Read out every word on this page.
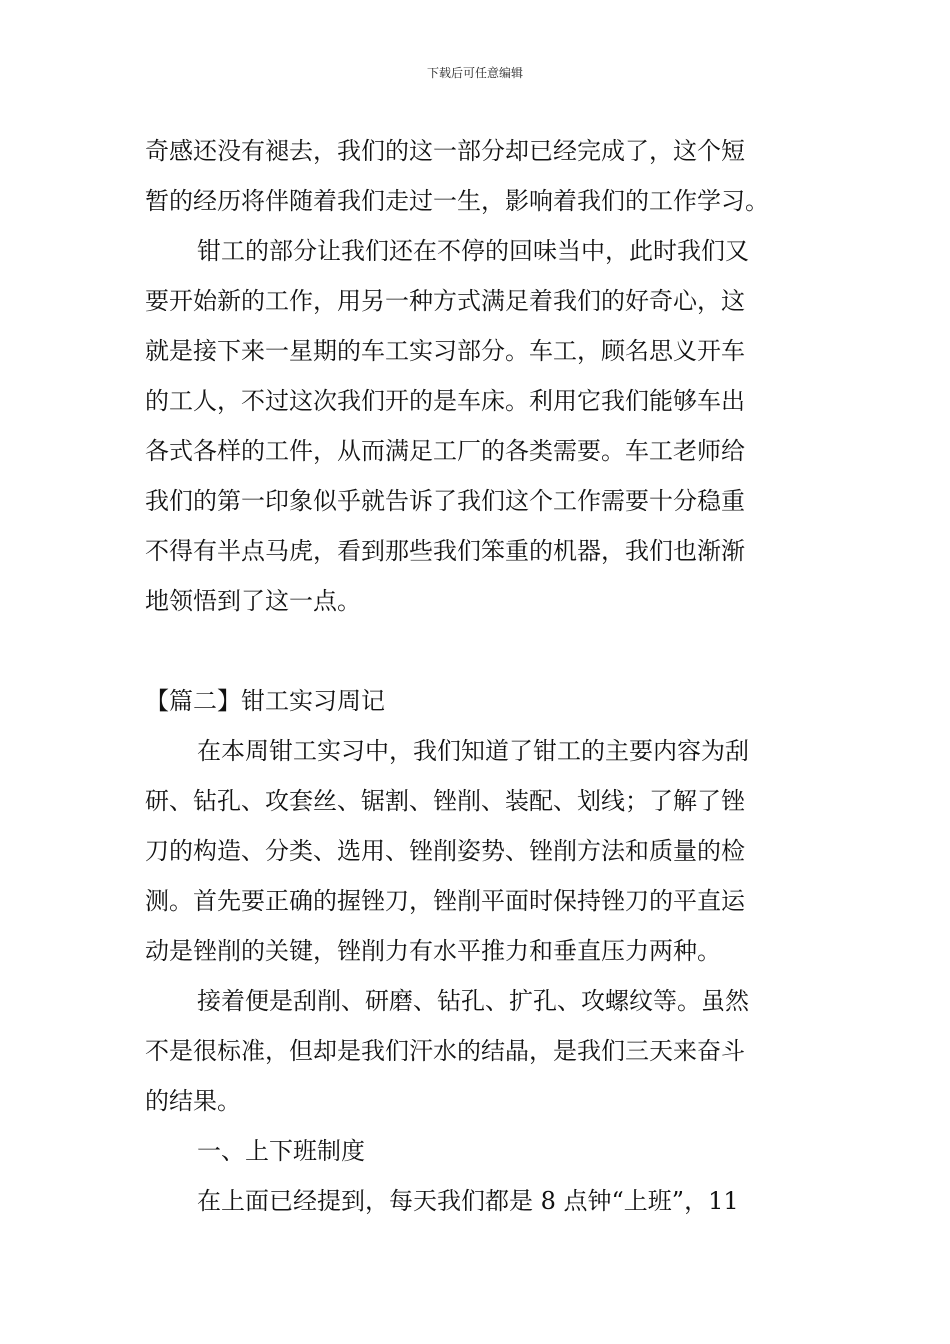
下载后可任意编辑
奇感还没有褪去，我们的这一部分却已经完成了，这个短
暂的经历将伴随着我们走过一生，影响着我们的工作学习。
钳工的部分让我们还在不停的回味当中，此时我们又
要开始新的工作，用另一种方式满足着我们的好奇心，这
就是接下来一星期的车工实习部分。车工，顾名思义开车
的工人，不过这次我们开的是车床。利用它我们能够车出
各式各样的工件，从而满足工厂的各类需要。车工老师给
我们的第一印象似乎就告诉了我们这个工作需要十分稳重
不得有半点马虎，看到那些我们笨重的机器，我们也渐渐
地领悟到了这一点。
【篇二】钳工实习周记
在本周钳工实习中，我们知道了钳工的主要内容为刮
研、钻孔、攻套丝、锯割、锉削、装配、划线；了解了锉
刀的构造、分类、选用、锉削姿势、锉削方法和质量的检
测。首先要正确的握锉刀，锉削平面时保持锉刀的平直运
动是锉削的关键，锉削力有水平推力和垂直压力两种。
接着便是刮削、研磨、钻孔、扩孔、攻螺纹等。虽然
不是很标准，但却是我们汗水的结晶，是我们三天来奋斗
的结果。
一、上下班制度
在上面已经提到，每天我们都是 8 点钟“上班”，11
